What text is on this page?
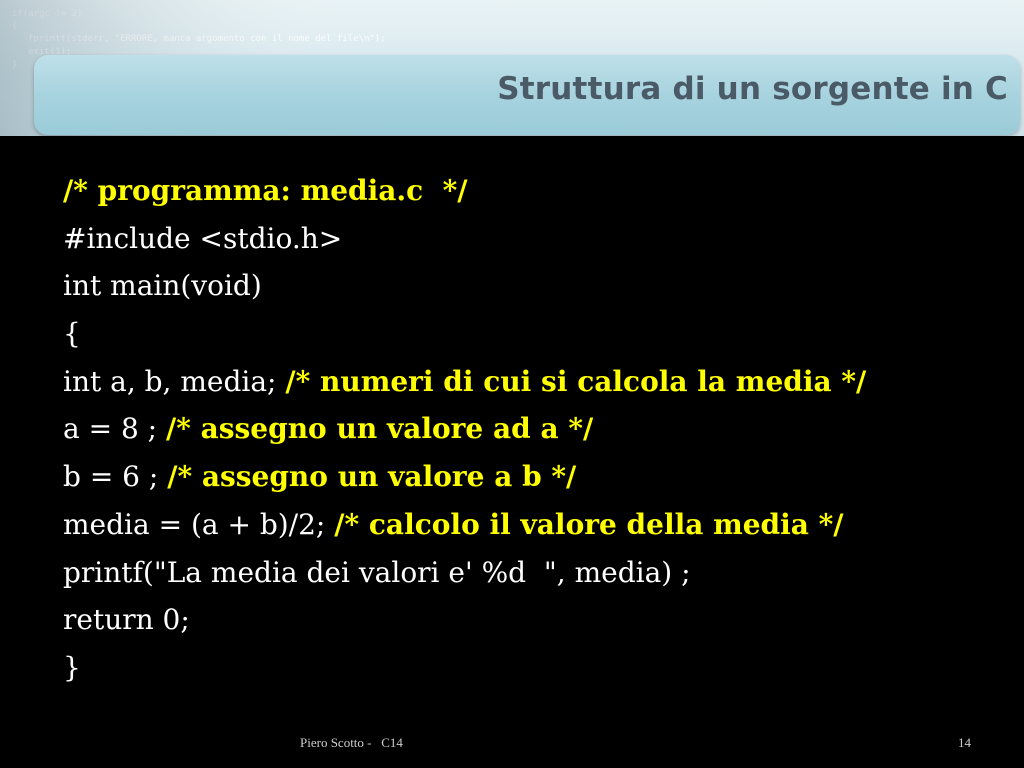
Struttura di un sorgente in C
/* programma: media.c  */
#include <stdio.h>
int main(void)
{
int a, b, media; /* numeri di cui si calcola la media */
a = 8 ; /* assegno un valore ad a */
b = 6 ; /* assegno un valore a b */
media = (a + b)/2; /* calcolo il valore della media */
printf("La media dei valori e' %d  ", media) ;
return 0;
}
Piero Scotto -   C14	14
